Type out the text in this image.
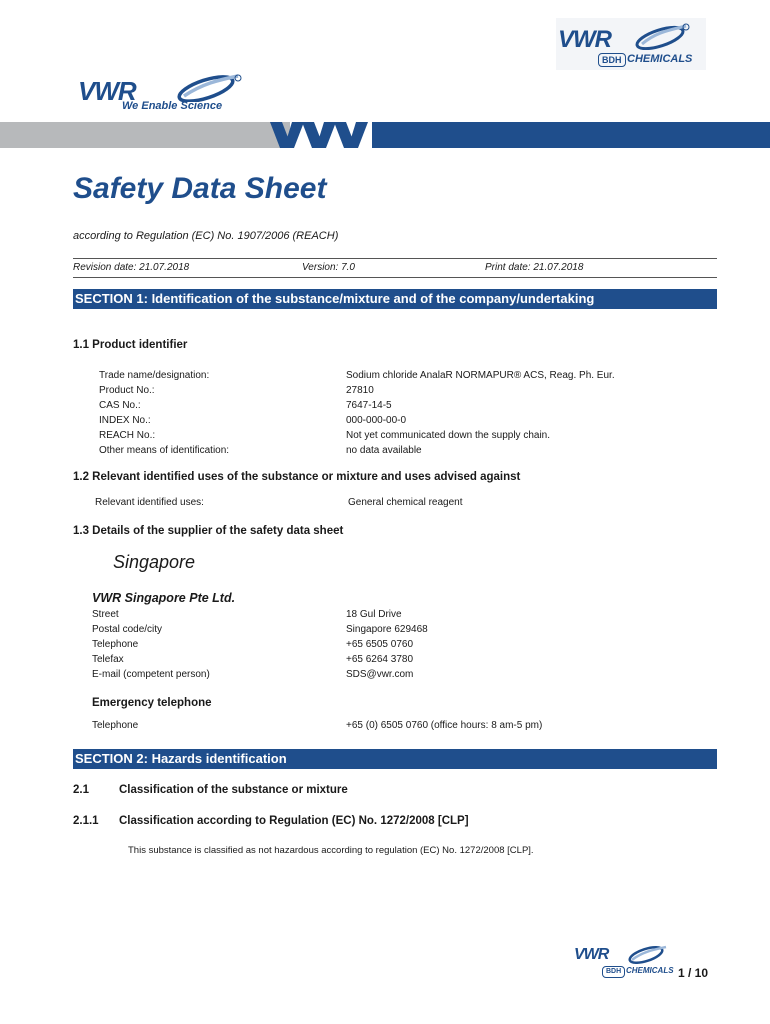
VWR
BDH CHEMICALS
VWR
We Enable Science
Safety Data Sheet
according to Regulation (EC) No. 1907/2006 (REACH)
Revision date: 21.07.2018	Version: 7.0	Print date: 21.07.2018
SECTION 1: Identification of the substance/mixture and of the company/undertaking
1.1 Product identifier
Trade name/designation:	Sodium chloride AnalaR NORMAPUR® ACS, Reag. Ph. Eur.
Product No.:	27810
CAS No.:	7647-14-5
INDEX No.:	000-000-00-0
REACH No.:	Not yet communicated down the supply chain.
Other means of identification:	no data available
1.2 Relevant identified uses of the substance or mixture and uses advised against
Relevant identified uses:	General chemical reagent
1.3 Details of the supplier of the safety data sheet
Singapore
VWR Singapore Pte Ltd.
Street	18 Gul Drive
Postal code/city	Singapore 629468
Telephone	+65 6505 0760
Telefax	+65 6264 3780
E-mail (competent person)	SDS@vwr.com
Emergency telephone
Telephone	+65 (0) 6505 0760 (office hours: 8 am-5 pm)
SECTION 2: Hazards identification
2.1	Classification of the substance or mixture
2.1.1 Classification according to Regulation (EC) No. 1272/2008 [CLP]
This substance is classified as not hazardous according to regulation (EC) No. 1272/2008 [CLP].
VWR
BDH CHEMICALS 1 / 10
